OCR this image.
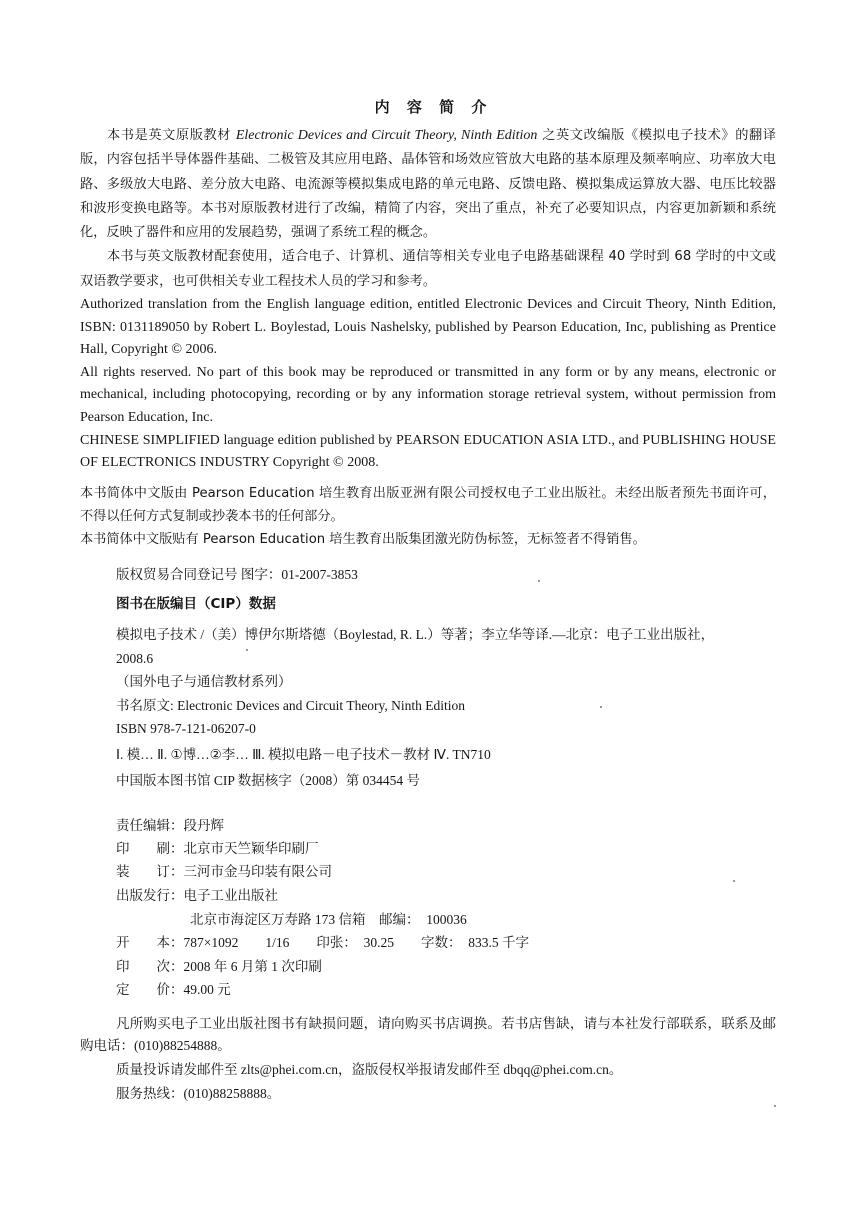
内 容 简 介
本书是英文原版教材 Electronic Devices and Circuit Theory, Ninth Edition 之英文改编版《模拟电子技术》的翻译版，内容包括半导体器件基础、二极管及其应用电路、晶体管和场效应管放大电路的基本原理及频率响应、功率放大电路、多级放大电路、差分放大电路、电流源等模拟集成电路的单元电路、反馈电路、模拟集成运算放大器、电压比较器和波形变换电路等。本书对原版教材进行了改编，精简了内容，突出了重点，补充了必要知识点，内容更加新颖和系统化，反映了器件和应用的发展趋势，强调了系统工程的概念。
本书与英文版教材配套使用，适合电子、计算机、通信等相关专业电子电路基础课程 40 学时到 68 学时的中文或双语教学要求，也可供相关专业工程技术人员的学习和参考。
Authorized translation from the English language edition, entitled Electronic Devices and Circuit Theory, Ninth Edition, ISBN: 0131189050 by Robert L. Boylestad, Louis Nashelsky, published by Pearson Education, Inc, publishing as Prentice Hall, Copyright © 2006.
All rights reserved. No part of this book may be reproduced or transmitted in any form or by any means, electronic or mechanical, including photocopying, recording or by any information storage retrieval system, without permission from Pearson Education, Inc.
CHINESE SIMPLIFIED language edition published by PEARSON EDUCATION ASIA LTD., and PUBLISHING HOUSE OF ELECTRONICS INDUSTRY Copyright © 2008.
本书简体中文版由 Pearson Education 培生教育出版亚洲有限公司授权电子工业出版社。未经出版者预先书面许可，不得以任何方式复制或抄袭本书的任何部分。
本书简体中文版贴有 Pearson Education 培生教育出版集团激光防伪标签，无标签者不得销售。
版权贸易合同登记号 图字：01-2007-3853
图书在版编目（CIP）数据
模拟电子技术 /（美）博伊尔斯塔德（Boylestad, R. L.）等著；李立华等译.—北京：电子工业出版社，
2008.6
（国外电子与通信教材系列）
书名原文: Electronic Devices and Circuit Theory, Ninth Edition
ISBN 978-7-121-06207-0
Ⅰ. 模… Ⅱ. ①博…②李… Ⅲ. 模拟电路－电子技术－教材 Ⅳ. TN710
中国版本图书馆 CIP 数据核字（2008）第 034454 号
责任编辑：段丹辉
印　　刷：北京市天竺颖华印刷厂
装　　订：三河市金马印装有限公司
出版发行：电子工业出版社
北京市海淀区万寿路 173 信箱　邮编：　100036
开　　本：787×1092　　1/16　　印张：　30.25　　字数：　833.5 千字
印　　次：2008 年 6 月第 1 次印刷
定　　价：49.00 元
凡所购买电子工业出版社图书有缺损问题，请向购买书店调换。若书店售缺，请与本社发行部联系，联系及邮购电话：(010)88254888。
质量投诉请发邮件至 zlts@phei.com.cn，盗版侵权举报请发邮件至 dbqq@phei.com.cn。
服务热线：(010)88258888。
